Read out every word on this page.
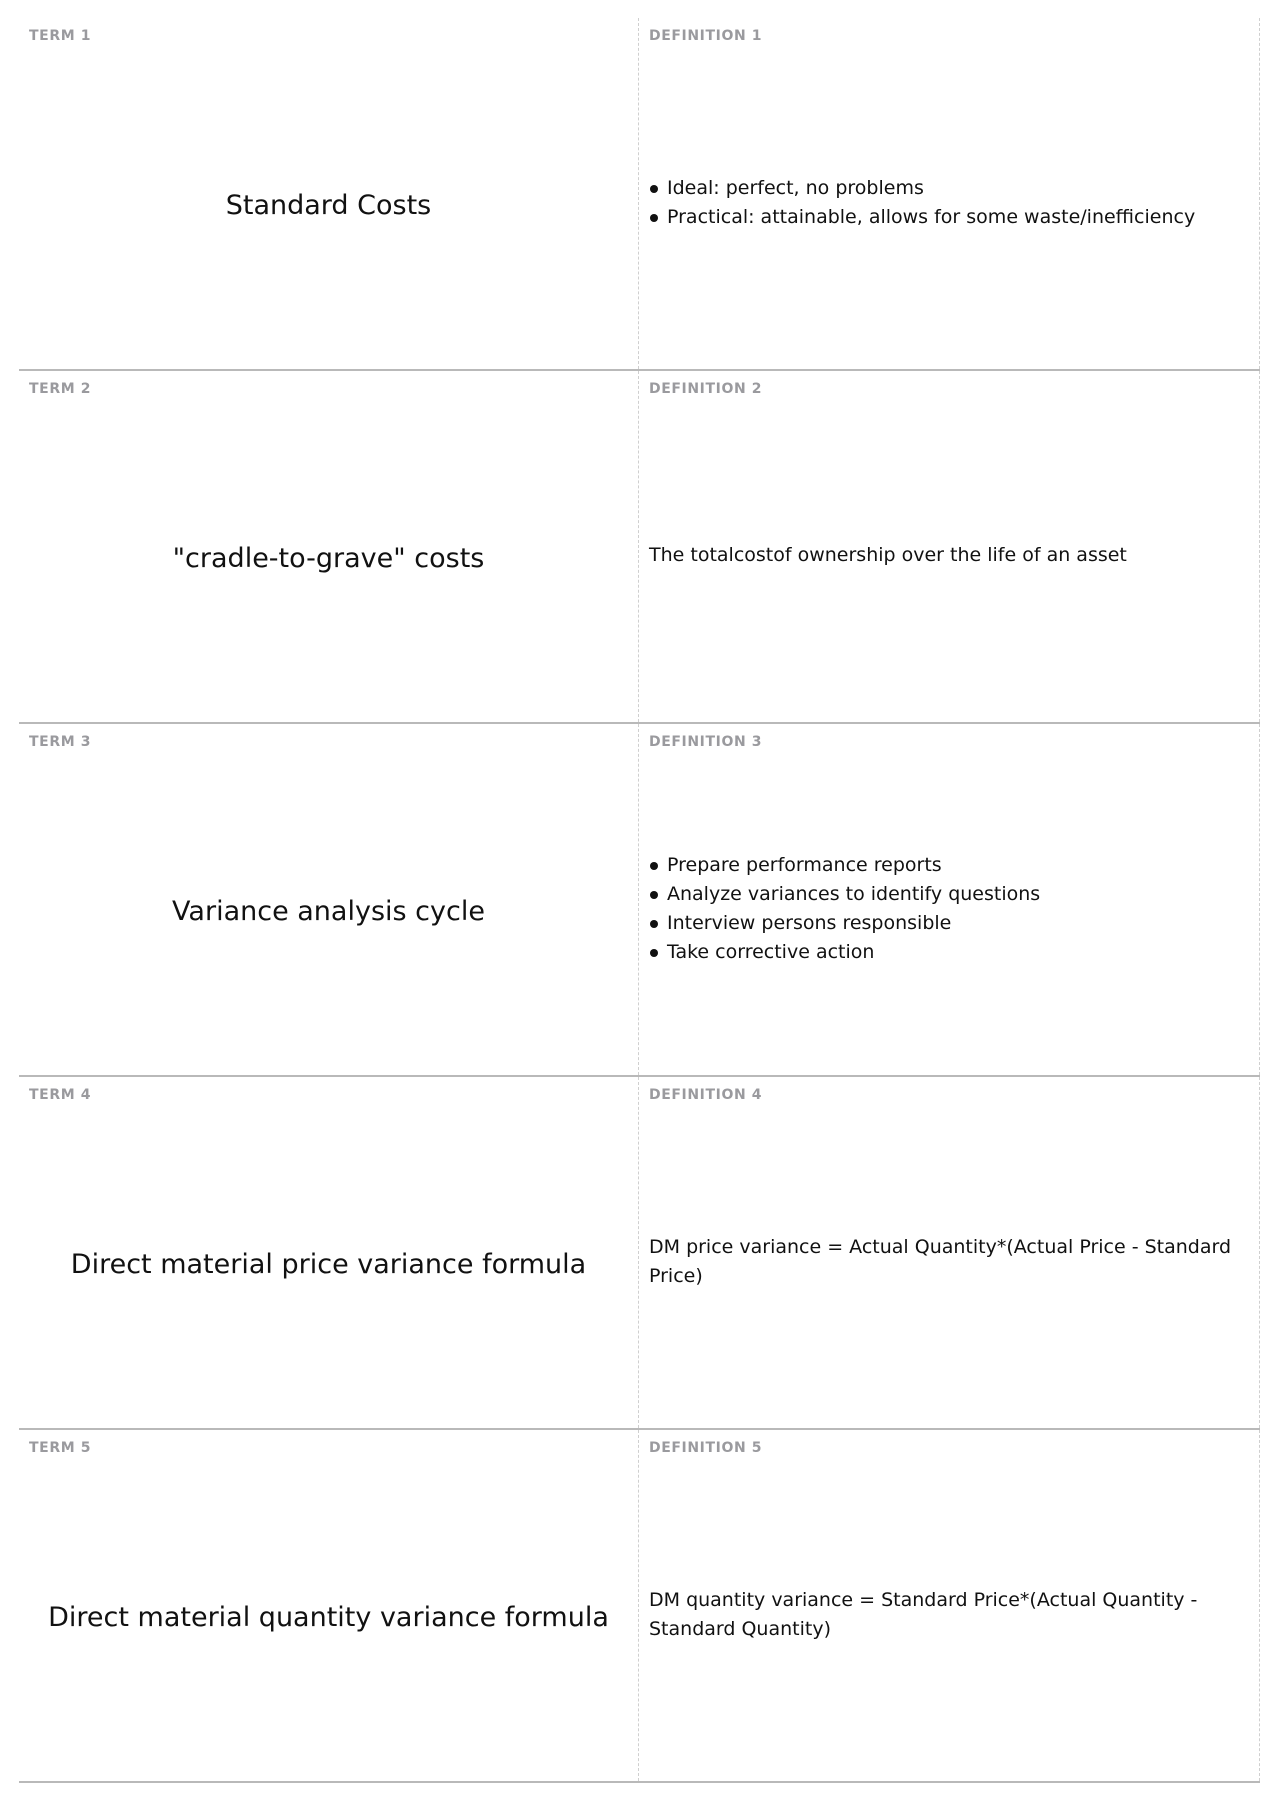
TERM 1
Standard Costs
DEFINITION 1
Ideal: perfect, no problems
Practical: attainable, allows for some waste/inefficiency
TERM 2
"cradle-to-grave" costs
DEFINITION 2
The totalcostof ownership over the life of an asset
TERM 3
Variance analysis cycle
DEFINITION 3
Prepare performance reports
Analyze variances to identify questions
Interview persons responsible
Take corrective action
TERM 4
Direct material price variance formula
DEFINITION 4
DM price variance = Actual Quantity*(Actual Price - Standard Price)
TERM 5
Direct material quantity variance formula
DEFINITION 5
DM quantity variance = Standard Price*(Actual Quantity - Standard Quantity)
